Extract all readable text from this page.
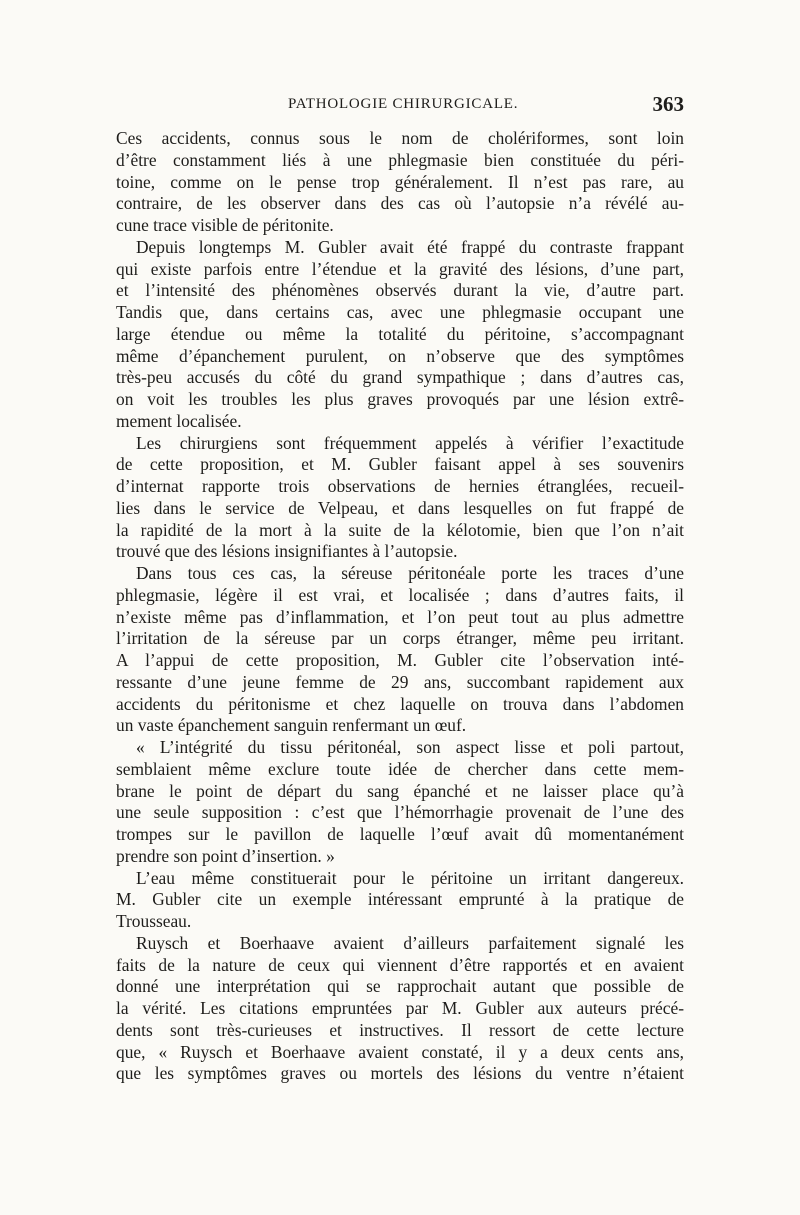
PATHOLOGIE CHIRURGICALE.	363
Ces accidents, connus sous le nom de cholériformes, sont loin
d’être constamment liés à une phlegmasie bien constituée du péri-
toine, comme on le pense trop généralement. Il n’est pas rare, au
contraire, de les observer dans des cas où l’autopsie n’a révélé au-
cune trace visible de péritonite.
Depuis longtemps M. Gubler avait été frappé du contraste frappant
qui existe parfois entre l’étendue et la gravité des lésions, d’une part,
et l’intensité des phénomènes observés durant la vie, d’autre part.
Tandis que, dans certains cas, avec une phlegmasie occupant une
large étendue ou même la totalité du péritoine, s’accompagnant
même d’épanchement purulent, on n’observe que des symptômes
très-peu accusés du côté du grand sympathique ; dans d’autres cas,
on voit les troubles les plus graves provoqués par une lésion extrê-
mement localisée.
Les chirurgiens sont fréquemment appelés à vérifier l’exactitude
de cette proposition, et M. Gubler faisant appel à ses souvenirs
d’internat rapporte trois observations de hernies étranglées, recueil-
lies dans le service de Velpeau, et dans lesquelles on fut frappé de
la rapidité de la mort à la suite de la kélotomie, bien que l’on n’ait
trouvé que des lésions insignifiantes à l’autopsie.
Dans tous ces cas, la séreuse péritonéale porte les traces d’une
phlegmasie, légère il est vrai, et localisée ; dans d’autres faits, il
n’existe même pas d’inflammation, et l’on peut tout au plus admettre
l’irritation de la séreuse par un corps étranger, même peu irritant.
A l’appui de cette proposition, M. Gubler cite l’observation inté-
ressante d’une jeune femme de 29 ans, succombant rapidement aux
accidents du péritonisme et chez laquelle on trouva dans l’abdomen
un vaste épanchement sanguin renfermant un œuf.
« L’intégrité du tissu péritonéal, son aspect lisse et poli partout,
semblaient même exclure toute idée de chercher dans cette mem-
brane le point de départ du sang épanché et ne laisser place qu’à
une seule supposition : c’est que l’hémorrhagie provenait de l’une des
trompes sur le pavillon de laquelle l’œuf avait dû momentanément
prendre son point d’insertion. »
L’eau même constituerait pour le péritoine un irritant dangereux.
M. Gubler cite un exemple intéressant emprunté à la pratique de
Trousseau.
Ruysch et Boerhaave avaient d’ailleurs parfaitement signalé les
faits de la nature de ceux qui viennent d’être rapportés et en avaient
donné une interprétation qui se rapprochait autant que possible de
la vérité. Les citations empruntées par M. Gubler aux auteurs précé-
dents sont très-curieuses et instructives. Il ressort de cette lecture
que, « Ruysch et Boerhaave avaient constaté, il y a deux cents ans,
que les symptômes graves ou mortels des lésions du ventre n’étaient
